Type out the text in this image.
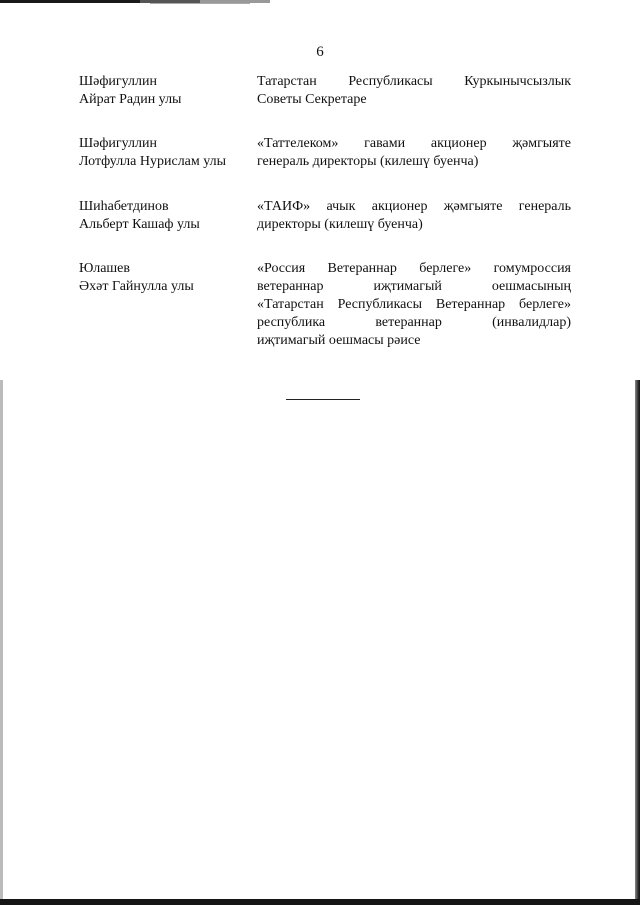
6
Шәфигуллин
Айрат Радин улы
Татарстан Республикасы Куркынычсызлык
Советы Секретаре
Шәфигуллин
Лотфулла Нурислам улы
«Таттелеком» гавами акционер җәмгыяте
генераль директоры (килешү буенча)
Шиһабетдинов
Альберт Кашаф улы
«ТАИФ» ачык акционер җәмгыяте генераль
директоры (килешү буенча)
Юлашев
Әхәт Гайнулла улы
«Россия Ветераннар берлеге» гомумроссия
ветераннар иҗтимагый оешмасының
«Татарстан Республикасы Ветераннар берлеге»
республика ветераннар (инвалидлар)
иҗтимагый оешмасы рәисе
